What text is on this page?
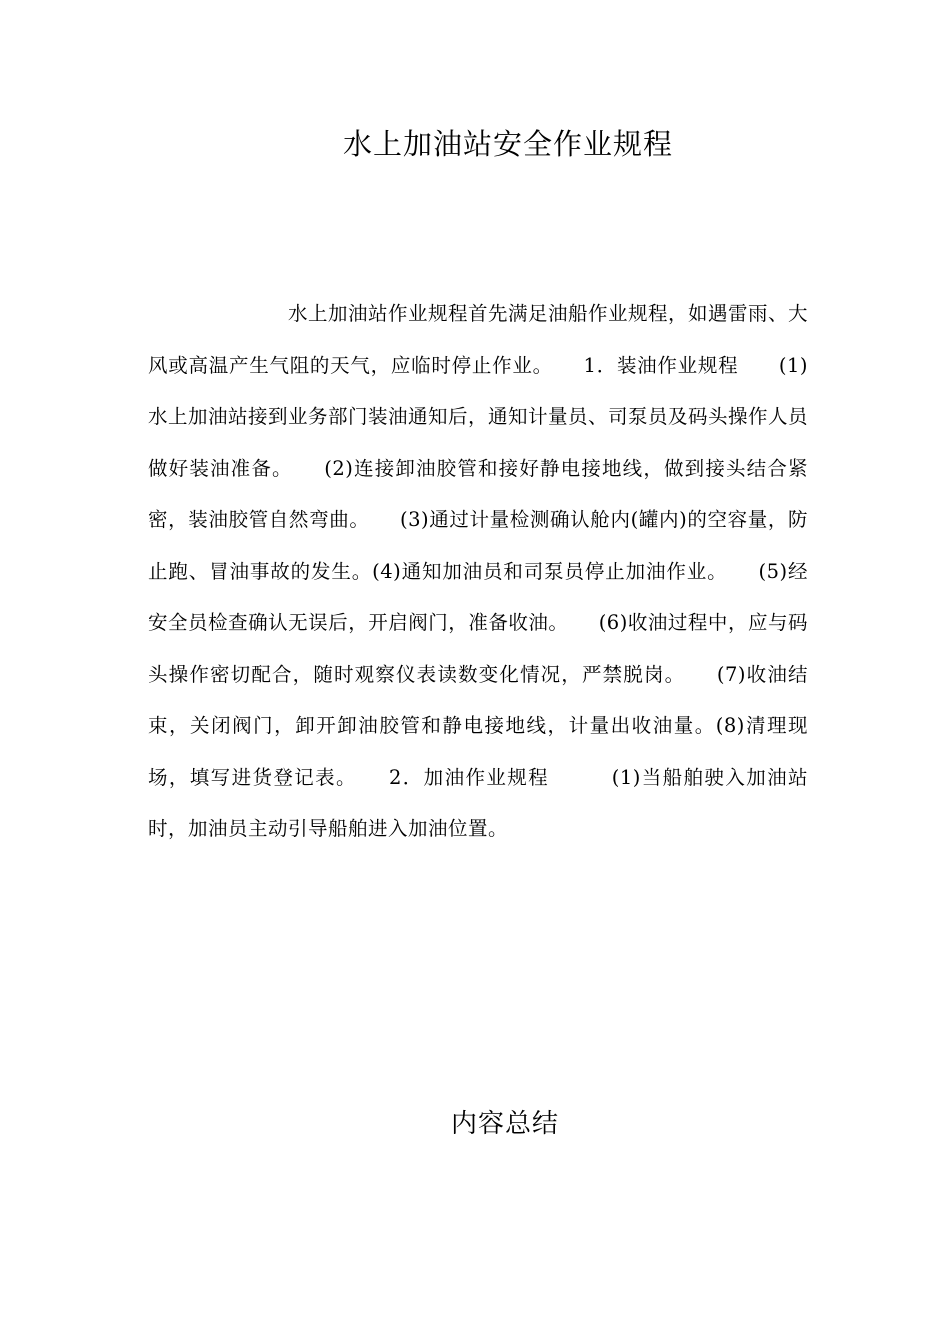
水上加油站安全作业规程

水上加油站作业规程首先满足油船作业规程，如遇雷雨、大风或高温产生气阻的天气，应临时停止作业。　　1．装油作业规程　　(1)水上加油站接到业务部门装油通知后，通知计量员、司泵员及码头操作人员做好装油准备。　　(2)连接卸油胶管和接好静电接地线，做到接头结合紧密，装油胶管自然弯曲。　　(3)通过计量检测确认舱内(罐内)的空容量，防止跑、冒油事故的发生。(4)通知加油员和司泵员停止加油作业。　　(5)经安全员检查确认无误后，开启阀门，准备收油。　　(6)收油过程中，应与码头操作密切配合，随时观察仪表读数变化情况，严禁脱岗。　　(7)收油结束，关闭阀门，卸开卸油胶管和静电接地线，计量出收油量。(8)清理现场，填写进货登记表。　　2．加油作业规程　　　(1)当船舶驶入加油站时，加油员主动引导船舶进入加油位置。

内容总结
